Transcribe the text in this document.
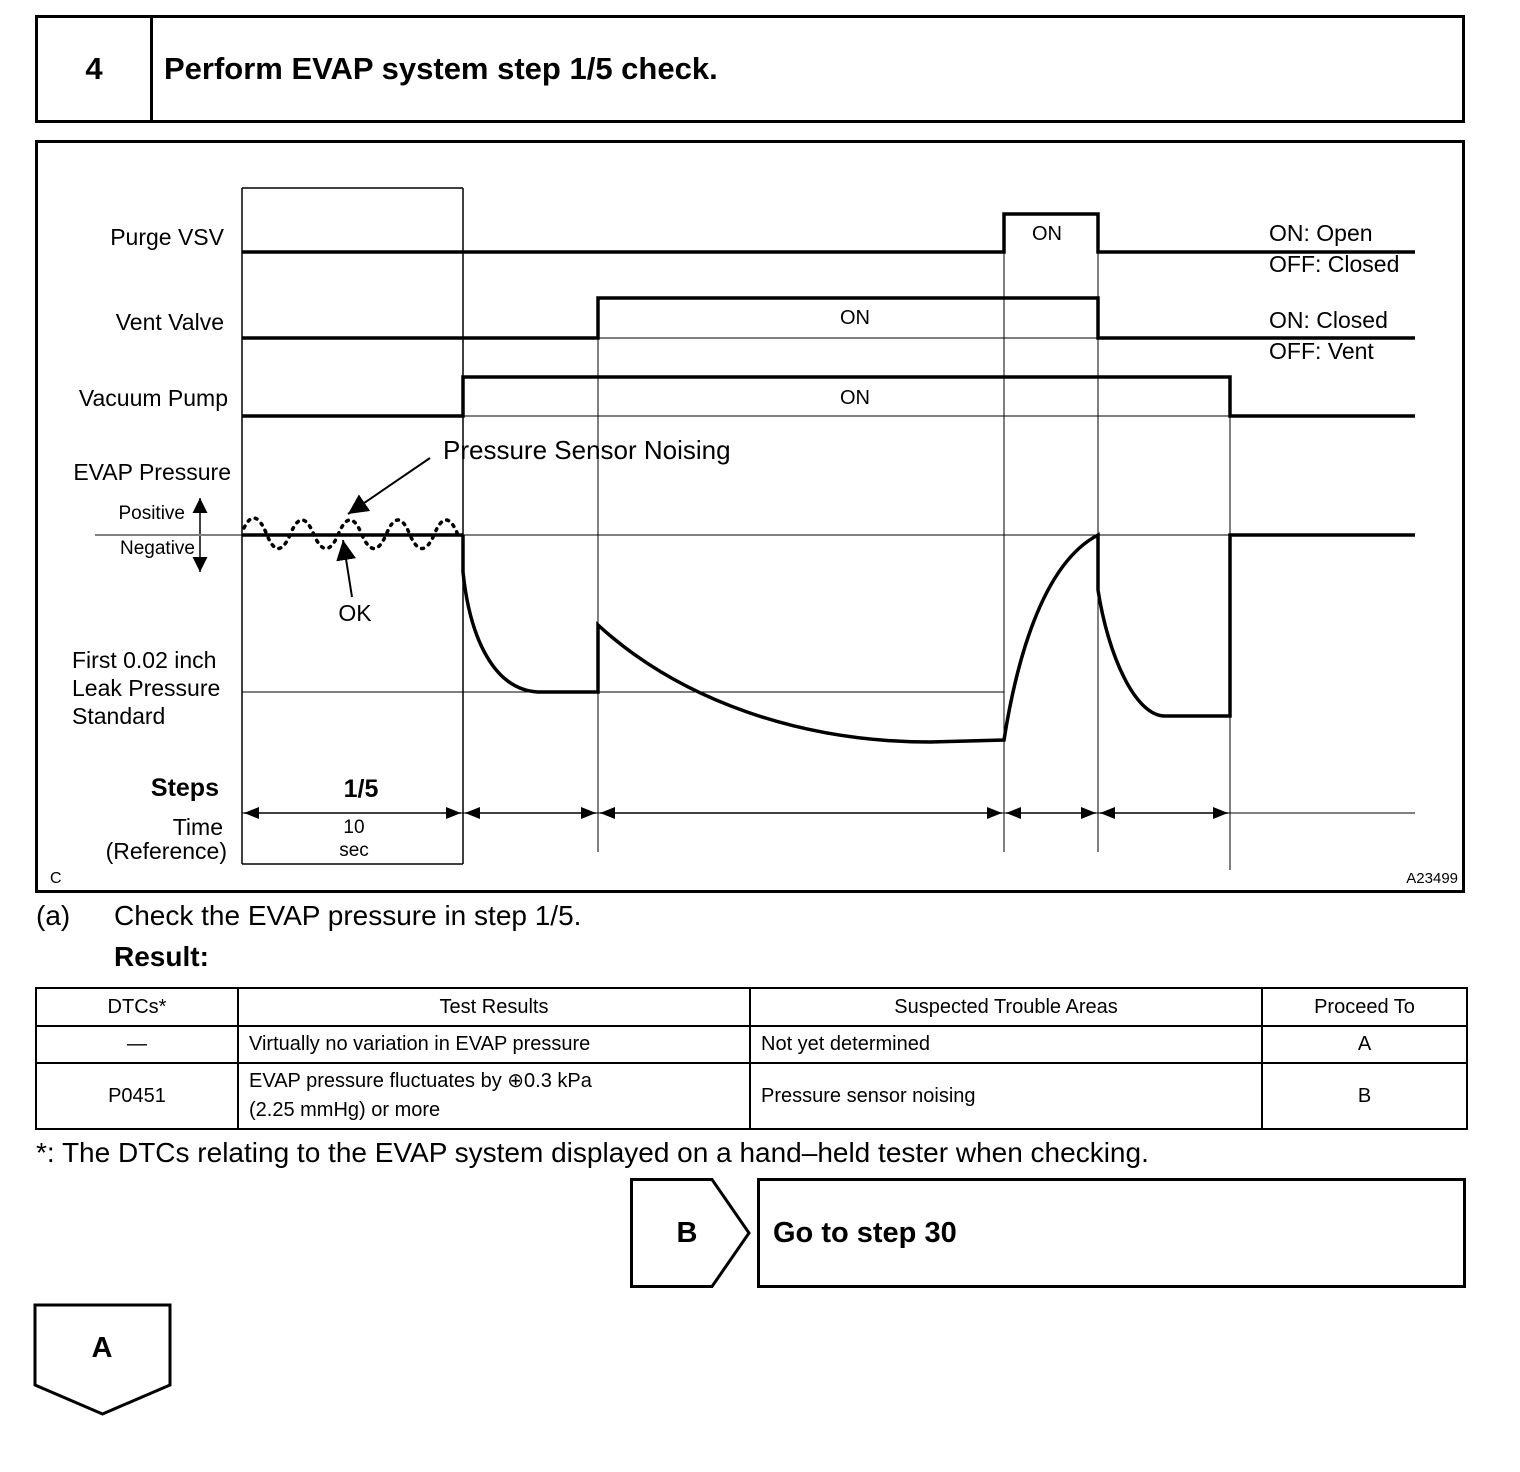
4	Perform EVAP system step 1/5 check.
Purge VSV
Vent Valve
Vacuum Pump
EVAP Pressure
ON
ON
ON
ON: Open
OFF: Closed
ON: Closed
OFF: Vent
Positive
Negative
Pressure Sensor Noising
OK
First 0.02 inch
Leak Pressure
Standard
Steps	1/5
Time
(Reference)
10
sec
C	A23499
(a) Check the EVAP pressure in step 1/5.
Result:
DTCs*	Test Results	Suspected Trouble Areas	Proceed To
—	Virtually no variation in EVAP pressure	Not yet determined	A
P0451	EVAP pressure fluctuates by ⊕0.3 kPa
(2.25 mmHg) or more	Pressure sensor noising	B
*: The DTCs relating to the EVAP system displayed on a hand–held tester when checking.
B	Go to step 30
A
